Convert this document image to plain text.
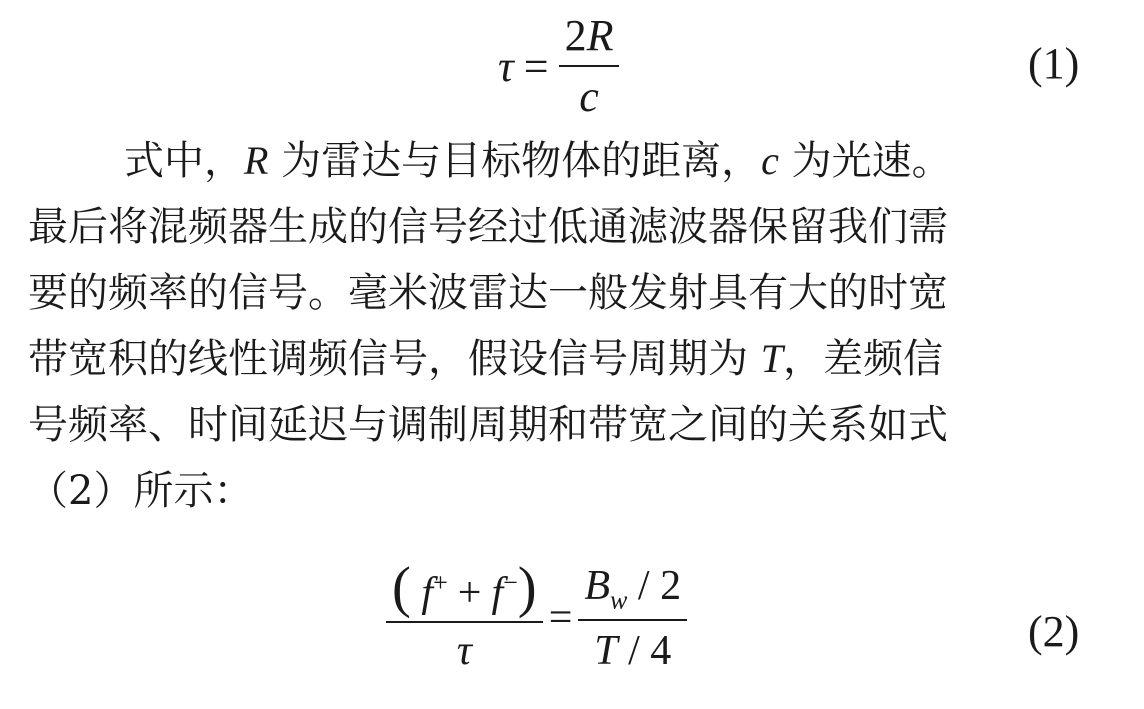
$\tau = \frac{2R}{c}$	(1)
式中，R 为雷达与目标物体的距离，c 为光速。
最后将混频器生成的信号经过低通滤波器保留我们需
要的频率的信号。毫米波雷达一般发射具有大的时宽
带宽积的线性调频信号，假设信号周期为 T，差频信
号频率、时间延迟与调制周期和带宽之间的关系如式
（2）所示：
$\frac{( f^+ + f^-)}{\tau} = \frac{B_w / 2}{T / 4}$	(2)
